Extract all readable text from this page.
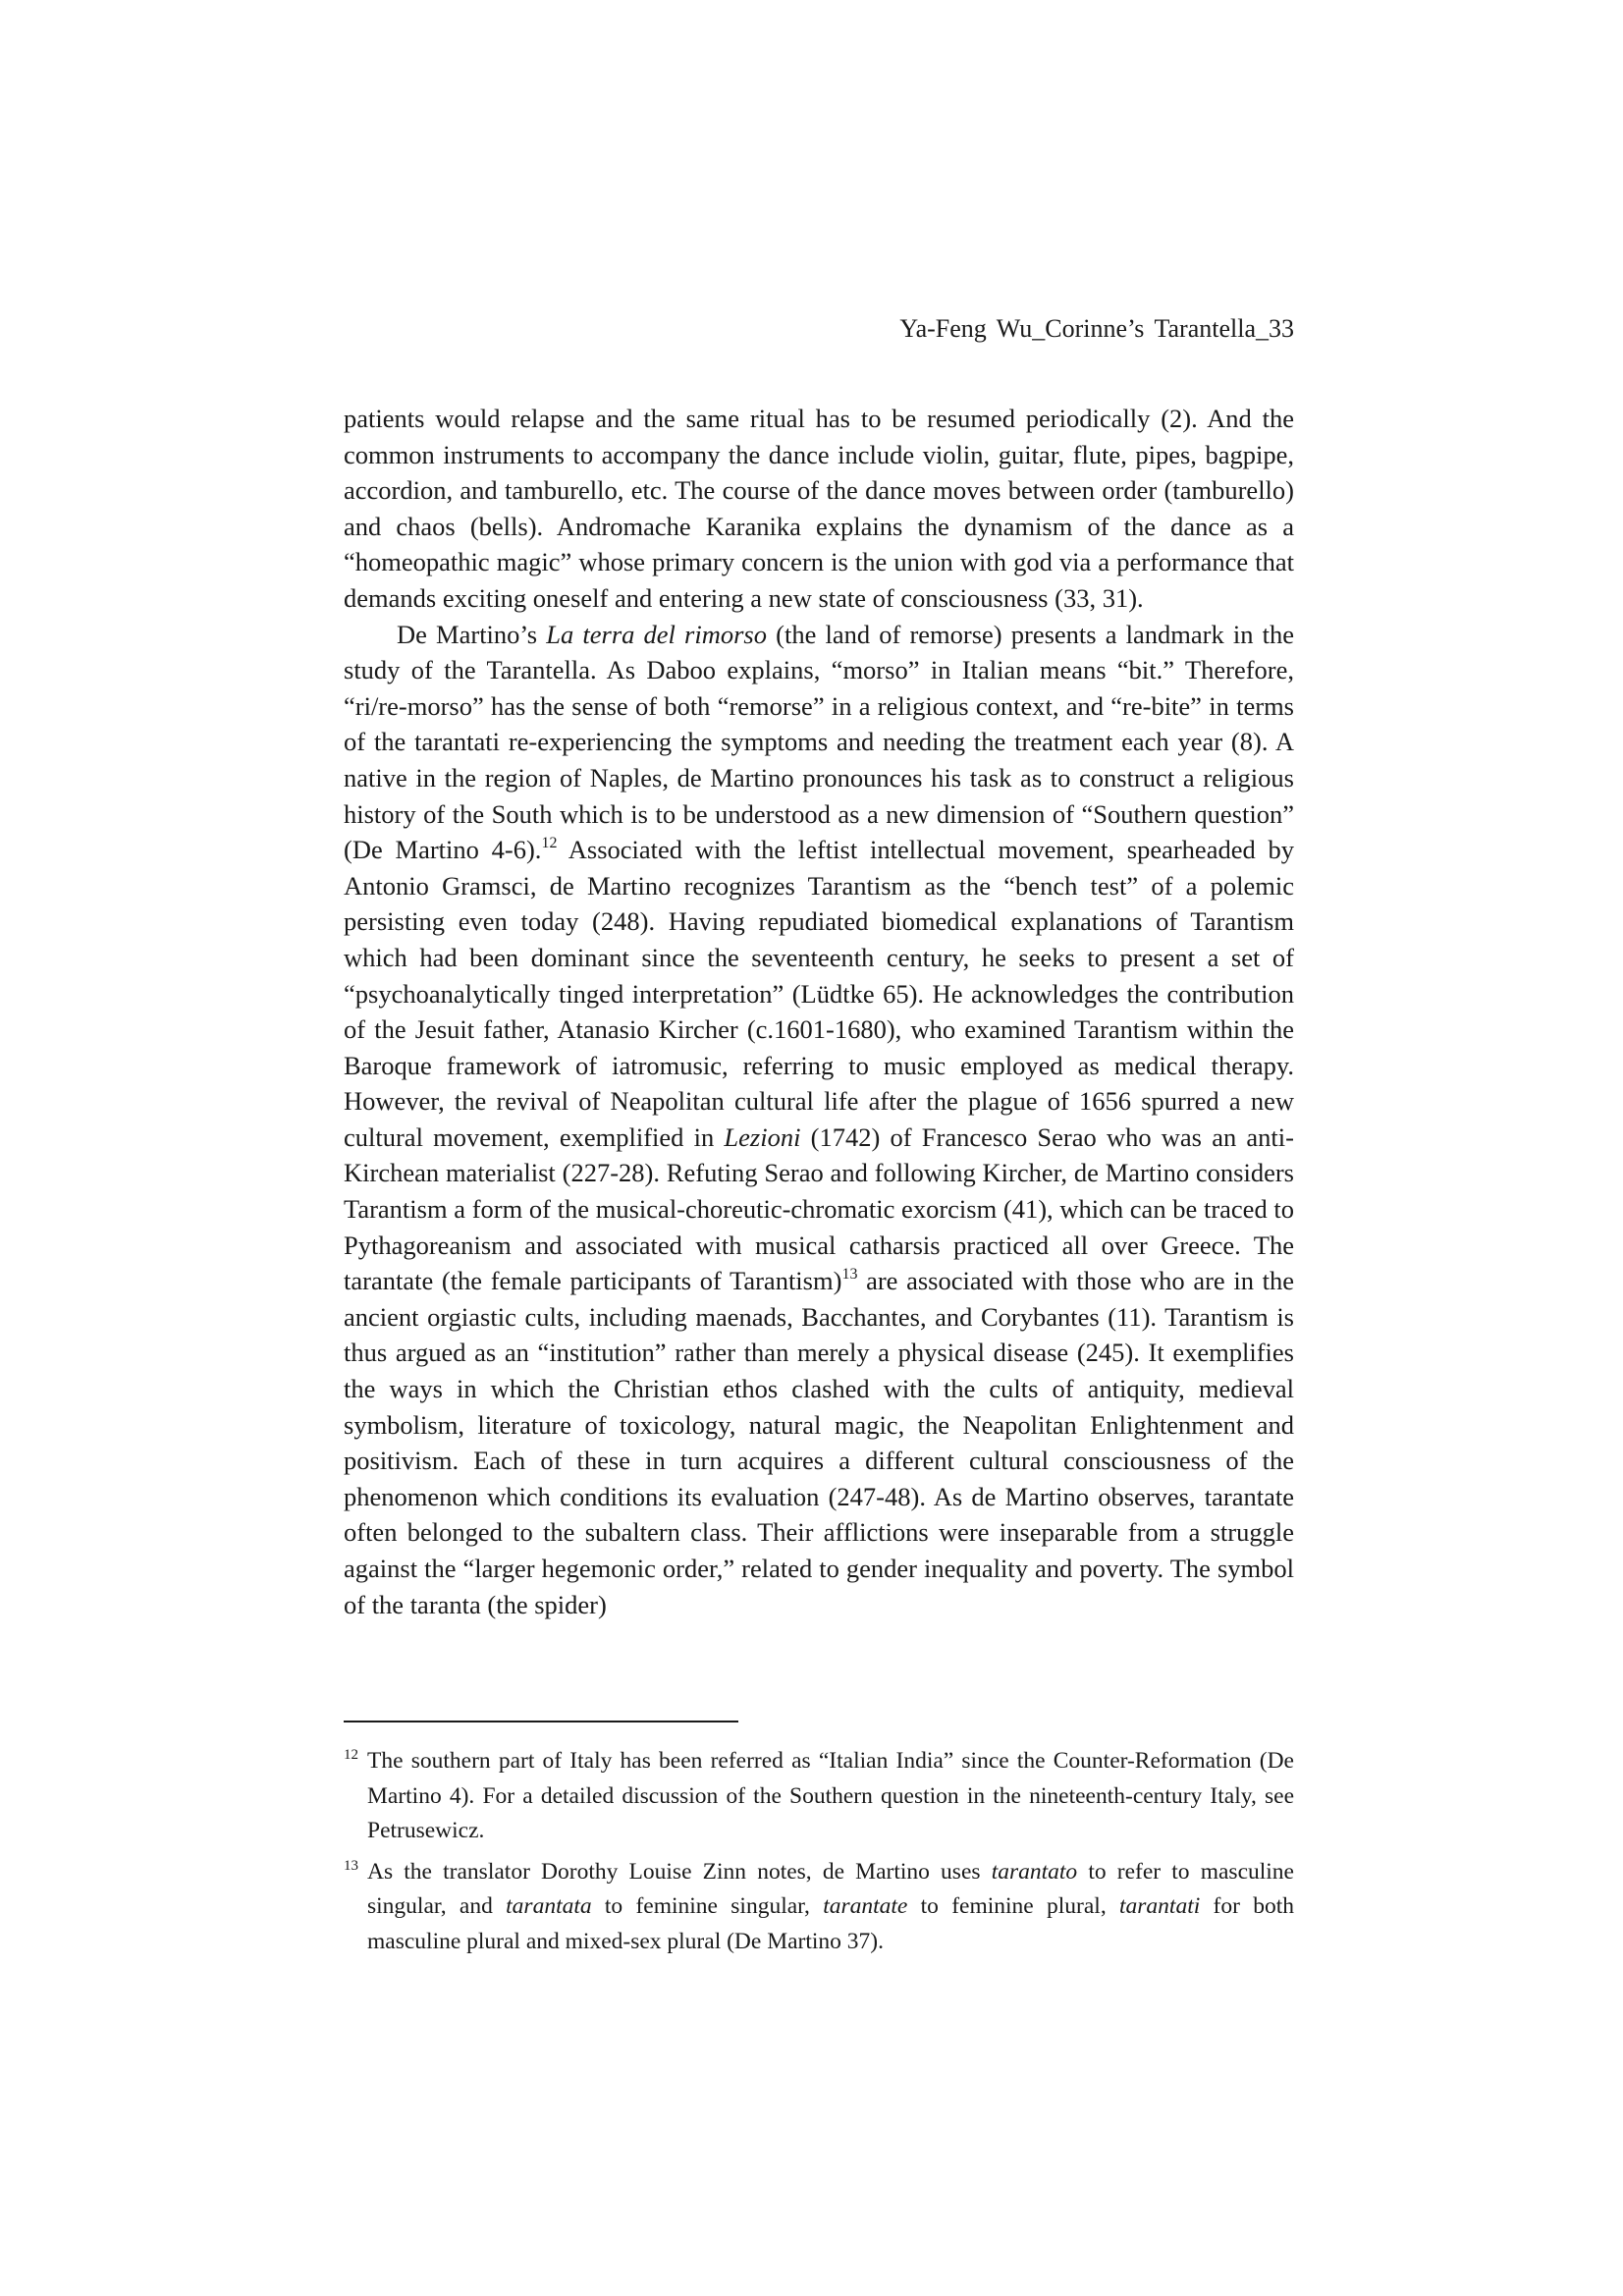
Ya-Feng Wu_Corinne’s Tarantella_33

patients would relapse and the same ritual has to be resumed periodically (2). And the common instruments to accompany the dance include violin, guitar, flute, pipes, bagpipe, accordion, and tamburello, etc. The course of the dance moves between order (tamburello) and chaos (bells). Andromache Karanika explains the dynamism of the dance as a “homeopathic magic” whose primary concern is the union with god via a performance that demands exciting oneself and entering a new state of consciousness (33, 31).

De Martino’s La terra del rimorso (the land of remorse) presents a landmark in the study of the Tarantella. As Daboo explains, “morso” in Italian means “bit.” Therefore, “ri/re-morso” has the sense of both “remorse” in a religious context, and “re-bite” in terms of the tarantati re-experiencing the symptoms and needing the treatment each year (8). A native in the region of Naples, de Martino pronounces his task as to construct a religious history of the South which is to be understood as a new dimension of “Southern question” (De Martino 4-6).$^{12}$ Associated with the leftist intellectual movement, spearheaded by Antonio Gramsci, de Martino recognizes Tarantism as the “bench test” of a polemic persisting even today (248). Having repudiated biomedical explanations of Tarantism which had been dominant since the seventeenth century, he seeks to present a set of “psychoanalytically tinged interpretation” (Lüdtke 65). He acknowledges the contribution of the Jesuit father, Atanasio Kircher (c.1601-1680), who examined Tarantism within the Baroque framework of iatromusic, referring to music employed as medical therapy. However, the revival of Neapolitan cultural life after the plague of 1656 spurred a new cultural movement, exemplified in Lezioni (1742) of Francesco Serao who was an anti-Kirchean materialist (227-28). Refuting Serao and following Kircher, de Martino considers Tarantism a form of the musical-choreutic-chromatic exorcism (41), which can be traced to Pythagoreanism and associated with musical catharsis practiced all over Greece. The tarantate (the female participants of Tarantism)$^{13}$ are associated with those who are in the ancient orgiastic cults, including maenads, Bacchantes, and Corybantes (11). Tarantism is thus argued as an “institution” rather than merely a physical disease (245). It exemplifies the ways in which the Christian ethos clashed with the cults of antiquity, medieval symbolism, literature of toxicology, natural magic, the Neapolitan Enlightenment and positivism. Each of these in turn acquires a different cultural consciousness of the phenomenon which conditions its evaluation (247-48). As de Martino observes, tarantate often belonged to the subaltern class. Their afflictions were inseparable from a struggle against the “larger hegemonic order,” related to gender inequality and poverty. The symbol of the taranta (the spider)

12 The southern part of Italy has been referred as “Italian India” since the Counter-Reformation (De Martino 4). For a detailed discussion of the Southern question in the nineteenth-century Italy, see Petrusewicz.
13 As the translator Dorothy Louise Zinn notes, de Martino uses tarantato to refer to masculine singular, and tarantata to feminine singular, tarantate to feminine plural, tarantati for both masculine plural and mixed-sex plural (De Martino 37).
